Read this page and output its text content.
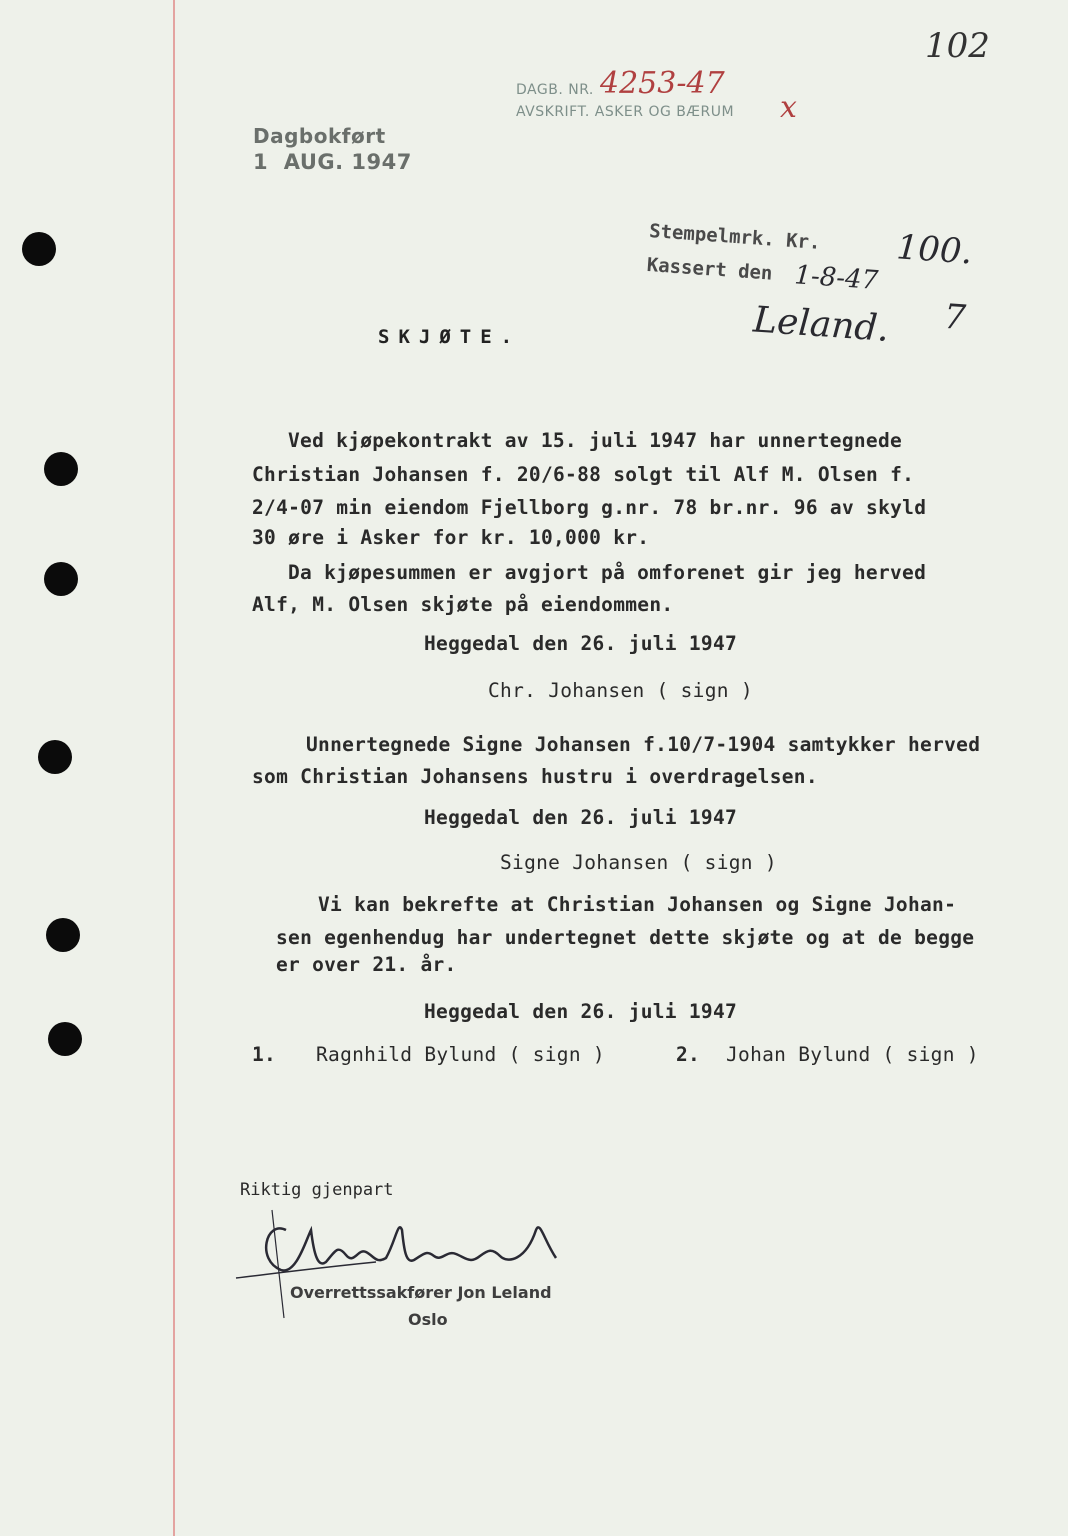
102
DAGB. NR. 4253-47
x
AVSKRIFT. ASKER OG BÆRUM
Dagbokført
1  AUG. 1947
Stempelmrk. Kr. 100.
Kassert den 1-8-47
7
Leland.
SKJØTE.
Ved kjøpekontrakt av 15. juli 1947 har unnertegnede
Christian Johansen f. 20/6-88 solgt til Alf M. Olsen f.
2/4-07 min eiendom Fjellborg g.nr. 78 br.nr. 96 av skyld
30 øre i Asker for kr. 10,000 kr.
Da kjøpesummen er avgjort på omforenet gir jeg herved
Alf, M. Olsen skjøte på eiendommen.
Heggedal den 26. juli 1947
Chr. Johansen ( sign )
Unnertegnede Signe Johansen f.10/7-1904 samtykker herved
som Christian Johansens hustru i overdragelsen.
Heggedal den 26. juli 1947
Signe Johansen ( sign )
Vi kan bekrefte at Christian Johansen og Signe Johan-
sen egenhendug har undertegnet dette skjøte og at de begge
er over 21. år.
Heggedal den 26. juli 1947
1. Ragnhild Bylund ( sign )	2. Johan Bylund ( sign )
Riktig gjenpart
Overrettssakfører Jon Leland
Oslo
